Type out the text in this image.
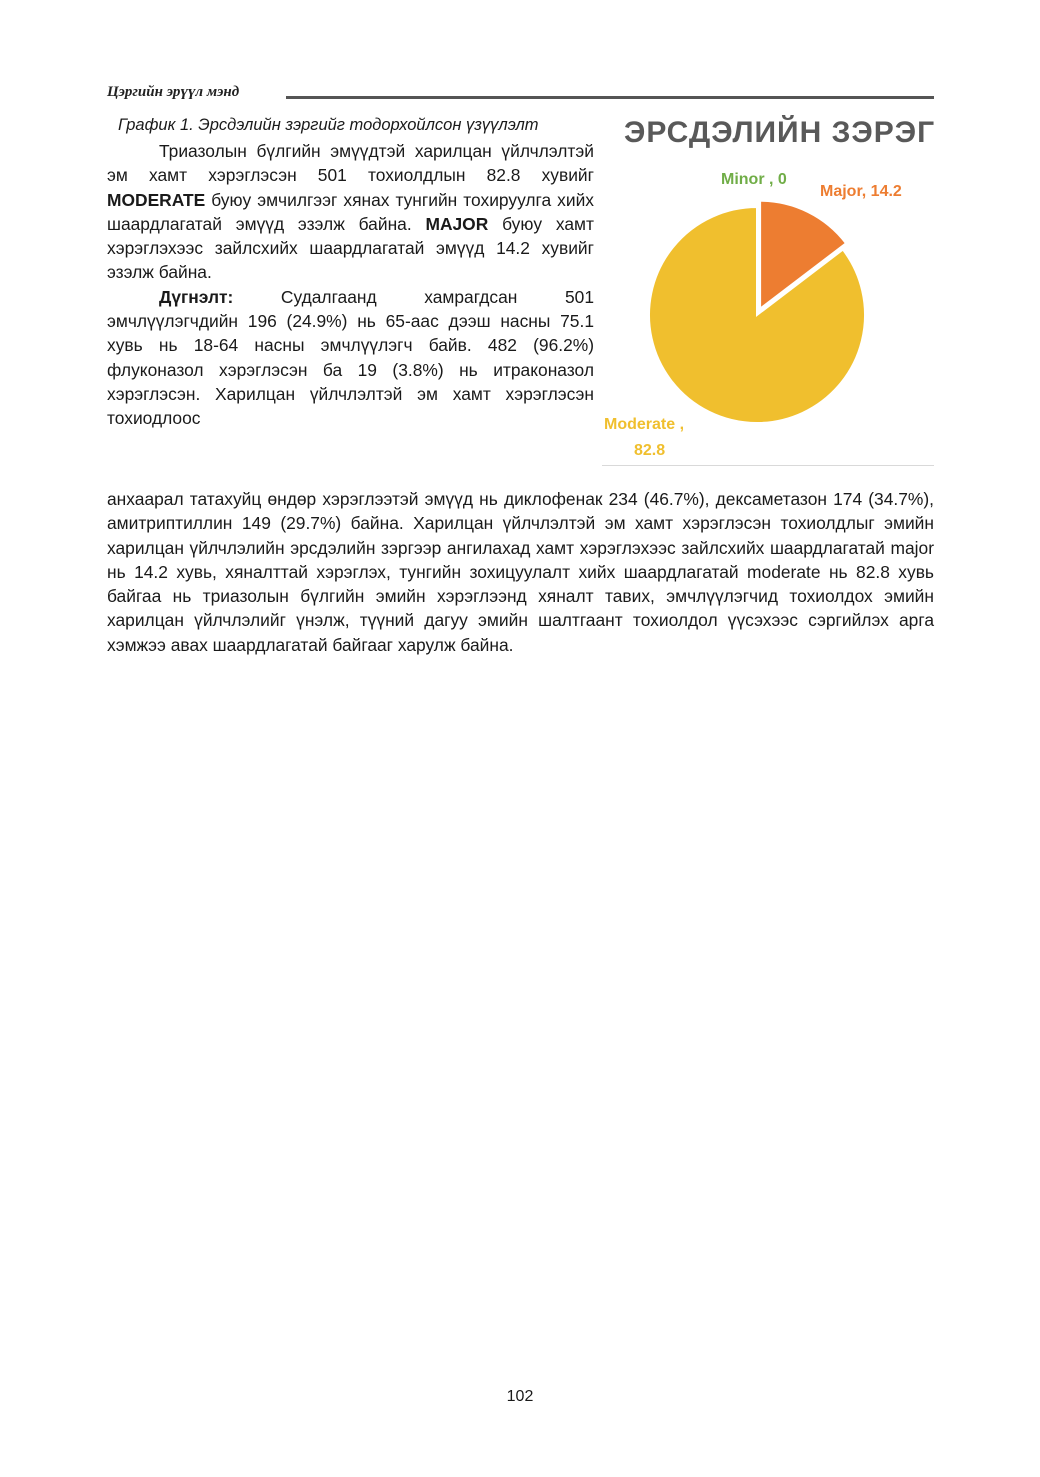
Цэргийн эрүүл мэнд
График 1. Эрсдэлийн зэргийг тодорхойлсон үзүүлэлт

Триазолын бүлгийн эмүүдтэй харилцан үйлчлэлтэй эм хамт хэрэглэсэн 501 тохиолдлын 82.8 хувийг MODERATE буюу эмчилгээг хянах тунгийн тохируулга хийх шаардлагатай эмүүд эзэлж байна. MAJOR буюу хамт хэрэглэхээс зайлсхийх шаардлагатай эмүүд 14.2 хувийг эзэлж байна.

Дүгнэлт: Судалгаанд хамрагдсан 501 эмчлүүлэгчдийн 196 (24.9%) нь 65-аас дээш насны 75.1 хувь нь 18-64 насны эмчлүүлэгч байв. 482 (96.2%) флуконазол хэрэглэсэн ба 19 (3.8%) нь итраконазол хэрэглэсэн. Харилцан үйлчлэлтэй эм хамт хэрэглэсэн тохиодлоос

анхаарал татахуйц өндөр хэрэглээтэй эмүүд нь диклофенак 234 (46.7%), дексаметазон 174 (34.7%), амитриптиллин 149 (29.7%) байна. Харилцан үйлчлэлтэй эм хамт хэрэглэсэн тохиолдлыг эмийн харилцан үйлчлэлийн эрсдэлийн зэргээр ангилахад хамт хэрэглэхээс зайлсхийх шаардлагатай major нь 14.2 хувь, хяналттай хэрэглэх, тунгийн зохицуулалт хийх шаардлагатай moderate нь 82.8 хувь байгаа нь триазолын бүлгийн эмийн хэрэглээнд хяналт тавих, эмчлүүлэгчид тохиолдох эмийн харилцан үйлчлэлийг үнэлж, түүний дагуу эмийн шалтгаант тохиолдол үүсэхээс сэргийлэх арга хэмжээ авах шаардлагатай байгааг харулж байна.
ЭРСДЭЛИЙН ЗЭРЭГ
Minor , 0
Major, 14.2
Moderate ,
82.8
102
